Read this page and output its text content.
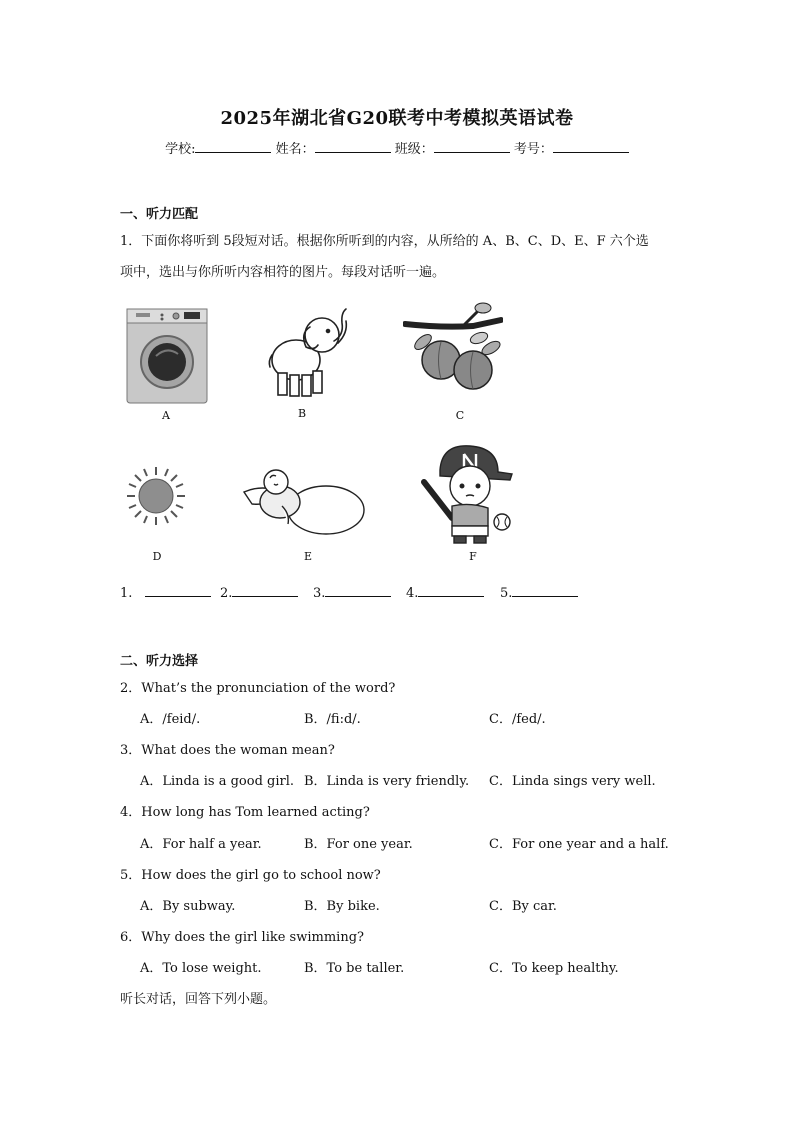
2025年湖北省G20联考中考模拟英语试卷
学校:	姓名：	班级：	考号：
一、听力匹配
1．下面你将听到 5段短对话。根据你所听到的内容，从所给的 A、B、C、D、E、F 六个选
项中，选出与你所听内容相符的图片。每段对话听一遍。
A	B	C
D	E	F
1.	2.	3.	4.	5.
二、听力选择
2．What’s the pronunciation of the word?
A．/feid/.	B．/fi:d/.	C．/fed/.
3．What does the woman mean?
A．Linda is a good girl. B．Linda is very friendly. C．Linda sings very well.
4．How long has Tom learned acting?
A．For half a year.	B．For one year.	C．For one year and a half.
5．How does the girl go to school now?
A．By subway.	B．By bike.	C．By car.
6．Why does the girl like swimming?
A．To lose weight.	B．To be taller.	C．To keep healthy.
听长对话，回答下列小题。
